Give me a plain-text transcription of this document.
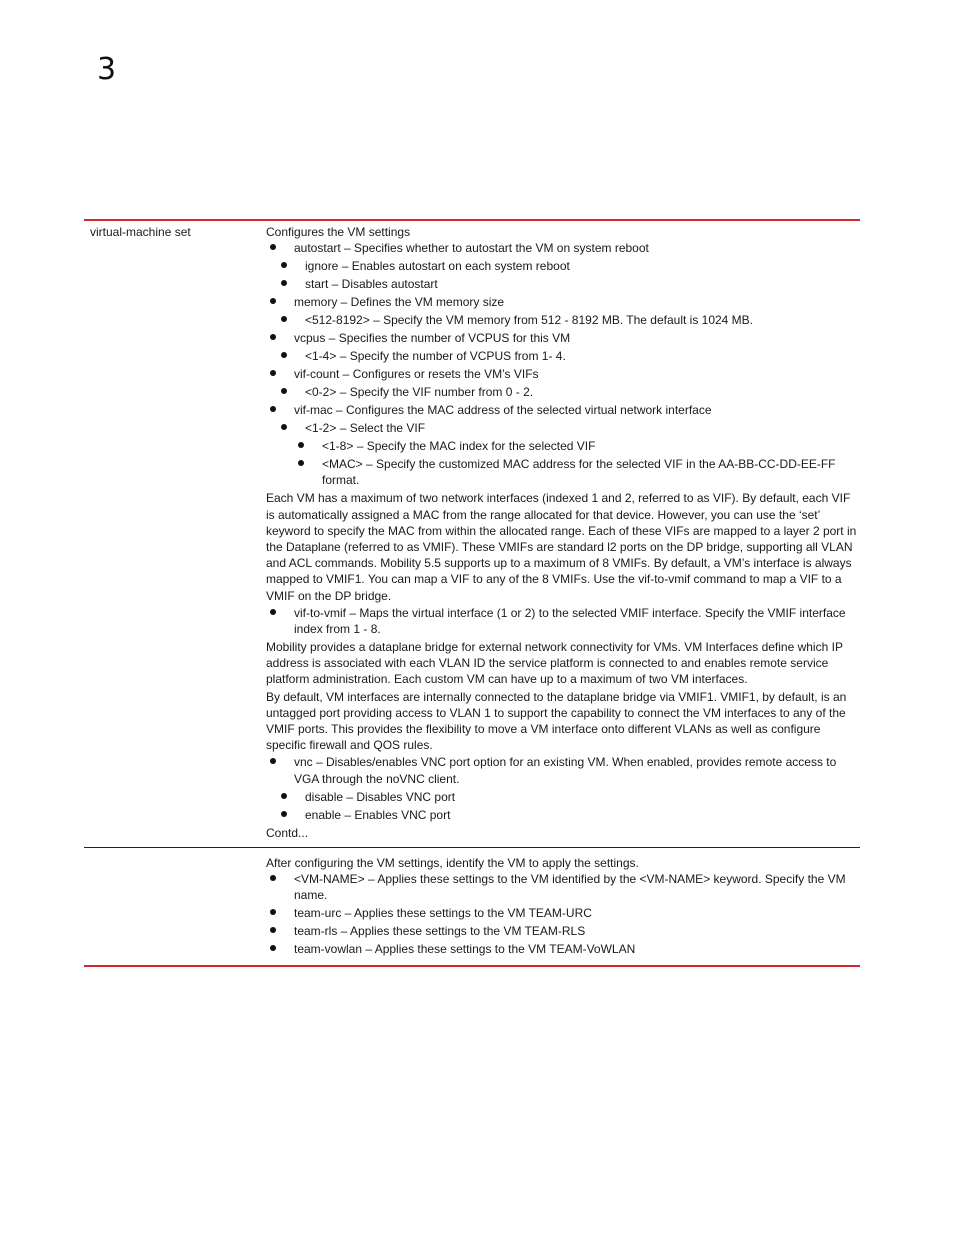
3
virtual-machine set	Configures the VM settings

autostart – Specifies whether to autostart the VM on system reboot
ignore – Enables autostart on each system reboot
start – Disables autostart
memory – Defines the VM memory size
<512-8192> – Specify the VM memory from 512 - 8192 MB. The default is 1024 MB.
vcpus – Specifies the number of VCPUS for this VM
<1-4> – Specify the number of VCPUS from 1- 4.
vif-count – Configures or resets the VM’s VIFs
<0-2> – Specify the VIF number from 0 - 2.
vif-mac – Configures the MAC address of the selected virtual network interface
<1-2> – Select the VIF
<1-8> – Specify the MAC index for the selected VIF
<MAC> – Specify the customized MAC address for the selected VIF in the AA-BB-CC-DD-EE-FF format.

Each VM has a maximum of two network interfaces (indexed 1 and 2, referred to as VIF). By default, each VIF is automatically assigned a MAC from the range allocated for that device. However, you can use the ‘set’ keyword to specify the MAC from within the allocated range. Each of these VIFs are mapped to a layer 2 port in the Dataplane (referred to as VMIF). These VMIFs are standard l2 ports on the DP bridge, supporting all VLAN and ACL commands. Mobility 5.5 supports up to a maximum of 8 VMIFs. By default, a VM’s interface is always mapped to VMIF1. You can map a VIF to any of the 8 VMIFs. Use the vif-to-vmif command to map a VIF to a VMIF on the DP bridge.

vif-to-vmif – Maps the virtual interface (1 or 2) to the selected VMIF interface. Specify the VMIF interface index from 1 - 8.

Mobility provides a dataplane bridge for external network connectivity for VMs. VM Interfaces define which IP address is associated with each VLAN ID the service platform is connected to and enables remote service platform administration. Each custom VM can have up to a maximum of two VM interfaces.

By default, VM interfaces are internally connected to the dataplane bridge via VMIF1. VMIF1, by default, is an untagged port providing access to VLAN 1 to support the capability to connect the VM interfaces to any of the VMIF ports. This provides the flexibility to move a VM interface onto different VLANs as well as configure specific firewall and QOS rules.

vnc – Disables/enables VNC port option for an existing VM. When enabled, provides remote access to VGA through the noVNC client.
disable – Disables VNC port
enable – Enables VNC port

Contd...

After configuring the VM settings, identify the VM to apply the settings.

<VM-NAME> – Applies these settings to the VM identified by the <VM-NAME> keyword. Specify the VM name.
team-urc – Applies these settings to the VM TEAM-URC
team-rls – Applies these settings to the VM TEAM-RLS
team-vowlan – Applies these settings to the VM TEAM-VoWLAN
